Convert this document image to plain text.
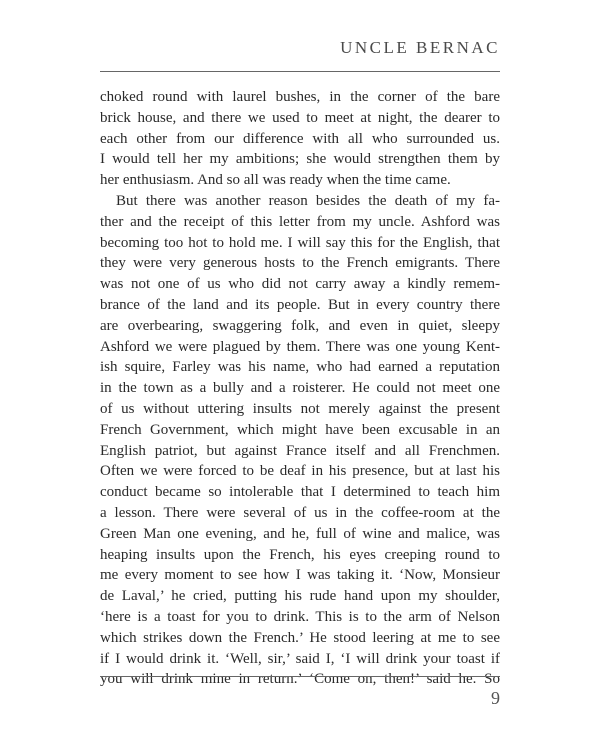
UNCLE BERNAC
choked round with laurel bushes, in the corner of the bare
brick house, and there we used to meet at night, the dearer to
each other from our difference with all who surrounded us.
I would tell her my ambitions; she would strengthen them by
her enthusiasm. And so all was ready when the time came.
But there was another reason besides the death of my fa-
ther and the receipt of this letter from my uncle. Ashford was
becoming too hot to hold me. I will say this for the English, that
they were very generous hosts to the French emigrants. There
was not one of us who did not carry away a kindly remem-
brance of the land and its people. But in every country there
are overbearing, swaggering folk, and even in quiet, sleepy
Ashford we were plagued by them. There was one young Kent-
ish squire, Farley was his name, who had earned a reputation
in the town as a bully and a roisterer. He could not meet one
of us without uttering insults not merely against the present
French Government, which might have been excusable in an
English patriot, but against France itself and all Frenchmen.
Often we were forced to be deaf in his presence, but at last his
conduct became so intolerable that I determined to teach him
a lesson. There were several of us in the coffee-room at the
Green Man one evening, and he, full of wine and malice, was
heaping insults upon the French, his eyes creeping round to
me every moment to see how I was taking it. ‘Now, Monsieur
de Laval,’ he cried, putting his rude hand upon my shoulder,
‘here is a toast for you to drink. This is to the arm of Nelson
which strikes down the French.’ He stood leering at me to see
if I would drink it. ‘Well, sir,’ said I, ‘I will drink your toast if
you will drink mine in return.’ ‘Come on, then!’ said he. So
9
